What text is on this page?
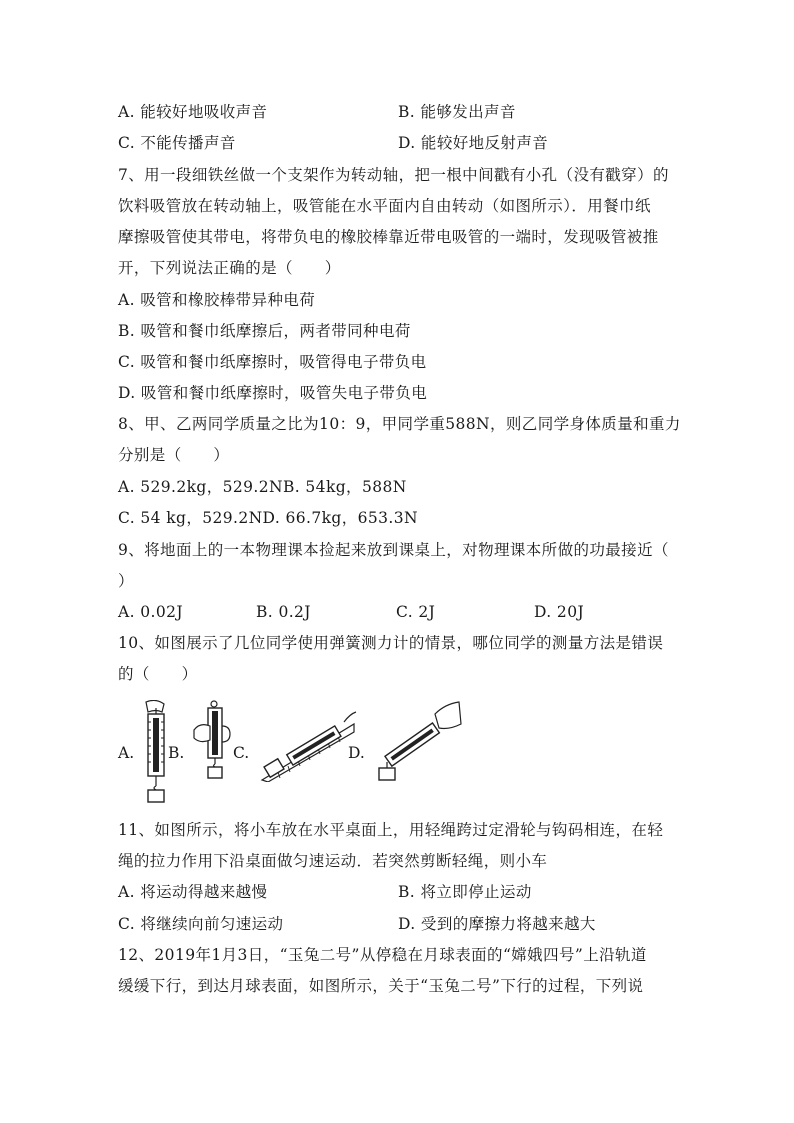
A. 能较好地吸收声音	B. 能够发出声音
C. 不能传播声音	D. 能较好地反射声音
7、用一段细铁丝做一个支架作为转动轴，把一根中间戳有小孔（没有戳穿）的
饮料吸管放在转动轴上，吸管能在水平面内自由转动（如图所示）．用餐巾纸
摩擦吸管使其带电，将带负电的橡胶棒靠近带电吸管的一端时，发现吸管被推
开，下列说法正确的是（　　）
A. 吸管和橡胶棒带异种电荷
B. 吸管和餐巾纸摩擦后，两者带同种电荷
C. 吸管和餐巾纸摩擦时，吸管得电子带负电
D. 吸管和餐巾纸摩擦时，吸管失电子带负电
8、甲、乙两同学质量之比为10：9，甲同学重588N，则乙同学身体质量和重力
分别是（　　）
A. 529.2kg，529.2NB. 54kg，588N
C. 54 kg，529.2ND. 66.7kg，653.3N
9、将地面上的一本物理课本捡起来放到课桌上，对物理课本所做的功最接近（
）
A. 0.02J	B. 0.2J	C. 2J	D. 20J
10、如图展示了几位同学使用弹簧测力计的情景，哪位同学的测量方法是错误
的（　　）
A. B.	C.	D.
11、如图所示，将小车放在水平桌面上，用轻绳跨过定滑轮与钩码相连，在轻
绳的拉力作用下沿桌面做匀速运动．若突然剪断轻绳，则小车
A. 将运动得越来越慢	B. 将立即停止运动
C. 将继续向前匀速运动	D. 受到的摩擦力将越来越大
12、2019年1月3日，“玉兔二号”从停稳在月球表面的“嫦娥四号”上沿轨道
缓缓下行，到达月球表面，如图所示，关于“玉兔二号”下行的过程，下列说
